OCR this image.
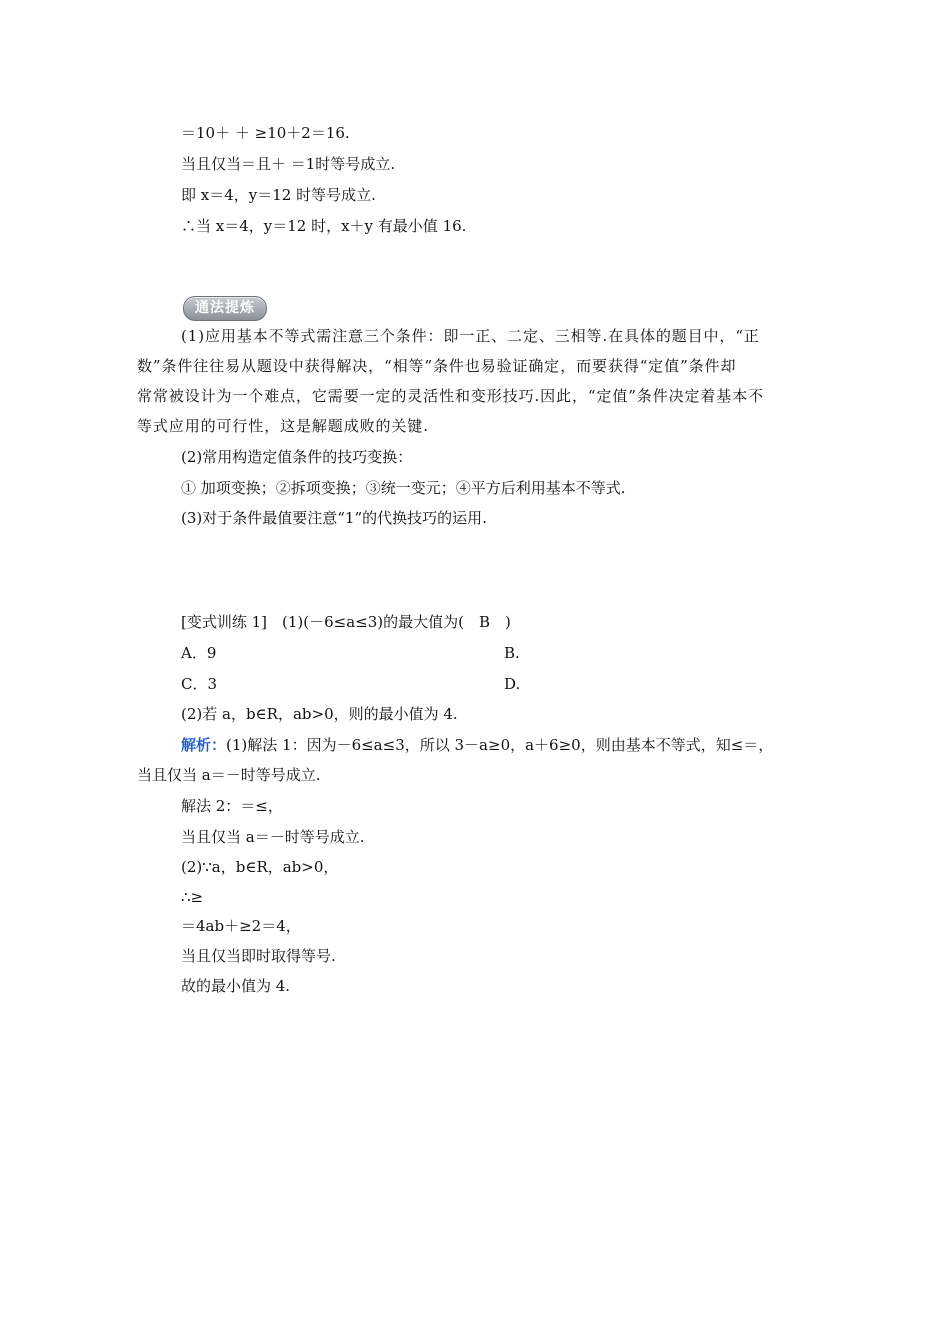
＝10＋ ＋ ≥10＋2＝16.
当且仅当＝且＋ ＝1时等号成立.
即 x＝4，y＝12 时等号成立.
∴当 x＝4，y＝12 时，x＋y 有最小值 16.
通法提炼
(1)应用基本不等式需注意三个条件：即一正、二定、三相等.在具体的题目中，“正
数”条件往往易从题设中获得解决，“相等”条件也易验证确定，而要获得“定值”条件却
常常被设计为一个难点，它需要一定的灵活性和变形技巧.因此，“定值”条件决定着基本不
等式应用的可行性，这是解题成败的关键.
(2)常用构造定值条件的技巧变换：
① 加项变换；②拆项变换；③统一变元；④平方后利用基本不等式.
(3)对于条件最值要注意“1”的代换技巧的运用.
[变式训练 1]　(1)(－6≤a≤3)的最大值为(　B　)
A．9	B.
C．3	D.
(2)若 a，b∈R，ab>0，则的最小值为 4.
解析：(1)解法 1：因为－6≤a≤3，所以 3－a≥0，a＋6≥0，则由基本不等式，知≤＝，
当且仅当 a＝－时等号成立.
解法 2：＝≤，
当且仅当 a＝－时等号成立.
(2)∵a，b∈R，ab>0，
∴≥
＝4ab＋≥2＝4，
当且仅当即时取得等号.
故的最小值为 4.
